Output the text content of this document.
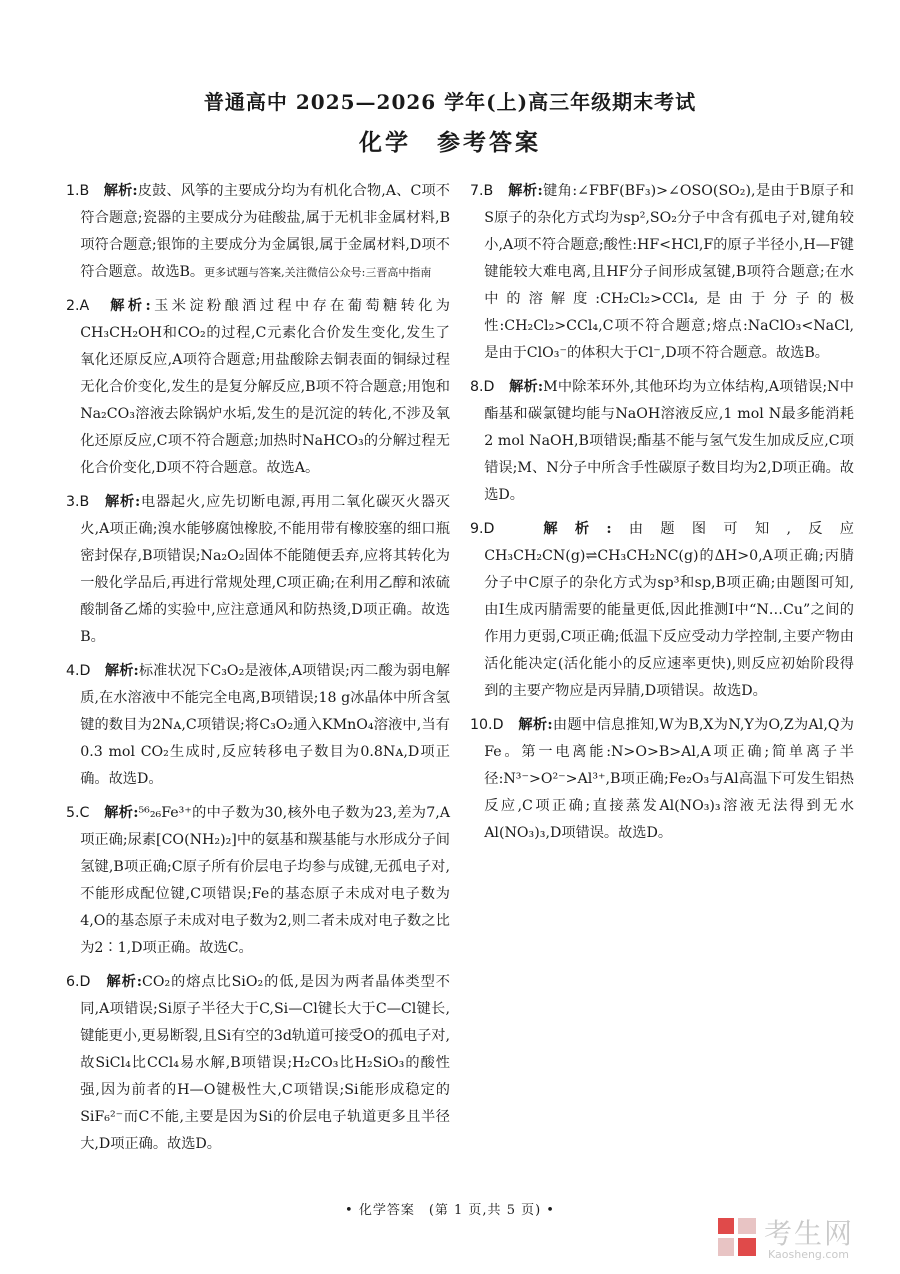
普通高中 2025—2026 学年(上)高三年级期末考试
化学　参考答案
1.B　 解析:皮鼓、风筝的主要成分均为有机化合物,A、C项不符合题意;瓷器的主要成分为硅酸盐,属于无机非金属材料,B项符合题意;银饰的主要成分为金属银,属于金属材料,D项不符合题意。故选B。更多试题与答案,关注微信公众号:三晋高中指南
2.A　 解析:玉米淀粉酿酒过程中存在葡萄糖转化为CH₃CH₂OH和CO₂的过程,C元素化合价发生变化,发生了氧化还原反应,A项符合题意;用盐酸除去铜表面的铜绿过程无化合价变化,发生的是复分解反应,B项不符合题意;用饱和Na₂CO₃溶液去除锅炉水垢,发生的是沉淀的转化,不涉及氧化还原反应,C项不符合题意;加热时NaHCO₃的分解过程无化合价变化,D项不符合题意。故选A。
3.B　 解析:电器起火,应先切断电源,再用二氧化碳灭火器灭火,A项正确;溴水能够腐蚀橡胶,不能用带有橡胶塞的细口瓶密封保存,B项错误;Na₂O₂固体不能随便丢弃,应将其转化为一般化学品后,再进行常规处理,C项正确;在利用乙醇和浓硫酸制备乙烯的实验中,应注意通风和防热烫,D项正确。故选B。
4.D　 解析:标准状况下C₃O₂是液体,A项错误;丙二酸为弱电解质,在水溶液中不能完全电离,B项错误;18 g冰晶体中所含氢键的数目为2Nᴀ,C项错误;将C₃O₂通入KMnO₄溶液中,当有0.3 mol CO₂生成时,反应转移电子数目为0.8Nᴀ,D项正确。故选D。
5.C　 解析:⁵⁶₂₆Fe³⁺的中子数为30,核外电子数为23,差为7,A项正确;尿素[CO(NH₂)₂]中的氨基和羰基能与水形成分子间氢键,B项正确;C原子所有价层电子均参与成键,无孤电子对,不能形成配位键,C项错误;Fe的基态原子未成对电子数为4,O的基态原子未成对电子数为2,则二者未成对电子数之比为2∶1,D项正确。故选C。
6.D　 解析:CO₂的熔点比SiO₂的低,是因为两者晶体类型不同,A项错误;Si原子半径大于C,Si—Cl键长大于C—Cl键长,键能更小,更易断裂,且Si有空的3d轨道可接受O的孤电子对,故SiCl₄比CCl₄易水解,B项错误;H₂CO₃比H₂SiO₃的酸性强,因为前者的H—O键极性大,C项错误;Si能形成稳定的SiF₆²⁻而C不能,主要是因为Si的价层电子轨道更多且半径大,D项正确。故选D。
7.B　 解析:键角:∠FBF(BF₃)>∠OSO(SO₂),是由于B原子和S原子的杂化方式均为sp²,SO₂分子中含有孤电子对,键角较小,A项不符合题意;酸性:HF<HCl,F的原子半径小,H—F键键能较大难电离,且HF分子间形成氢键,B项符合题意;在水中的溶解度:CH₂Cl₂>CCl₄,是由于分子的极性:CH₂Cl₂>CCl₄,C项不符合题意;熔点:NaClO₃<NaCl,是由于ClO₃⁻的体积大于Cl⁻,D项不符合题意。故选B。
8.D　 解析:M中除苯环外,其他环均为立体结构,A项错误;N中酯基和碳氯键均能与NaOH溶液反应,1 mol N最多能消耗2 mol NaOH,B项错误;酯基不能与氢气发生加成反应,C项错误;M、N分子中所含手性碳原子数目均为2,D项正确。故选D。
9.D　	解析:由题图可知,反应CH₃CH₂CN(g)⇌CH₃CH₂NC(g)的ΔH>0,A项正确;丙腈分子中C原子的杂化方式为sp³和sp,B项正确;由题图可知,由Ⅰ生成丙腈需要的能量更低,因此推测Ⅰ中“N…Cu”之间的作用力更弱,C项正确;低温下反应受动力学控制,主要产物由活化能决定(活化能小的反应速率更快),则反应初始阶段得到的主要产物应是丙异腈,D项错误。故选D。
10.D　 解析:由题中信息推知,W为B,X为N,Y为O,Z为Al,Q为Fe。第一电离能:N>O>B>Al,A项正确;简单离子半径:N³⁻>O²⁻>Al³⁺,B项正确;Fe₂O₃与Al高温下可发生铝热反应,C项正确;直接蒸发Al(NO₃)₃溶液无法得到无水Al(NO₃)₃,D项错误。故选D。
• 化学答案　(第 1 页,共 5 页) •
考生网
Kaosheng.com
